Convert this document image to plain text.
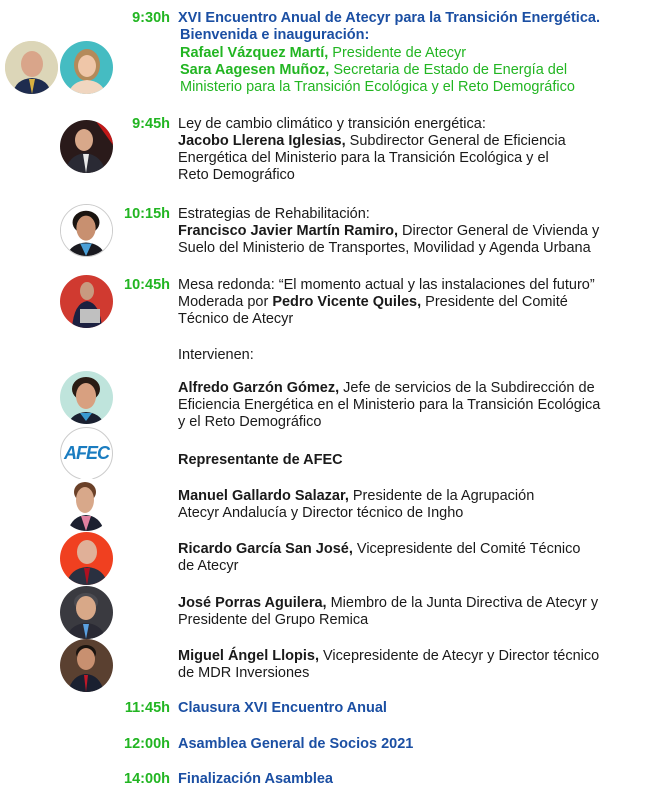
9:30h XVI Encuentro Anual de Atecyr para la Transición Energética.
Bienvenida e inauguración:
Rafael Vázquez Martí, Presidente de Atecyr
Sara Aagesen Muñoz, Secretaria de Estado de Energía del
Ministerio para la Transición Ecológica y el Reto Demográfico
9:45h Ley de cambio climático y transición energética:
Jacobo Llerena Iglesias, Subdirector General de Eficiencia
Energética del Ministerio para la Transición Ecológica y el
Reto Demográfico
10:15h Estrategias de Rehabilitación:
Francisco Javier Martín Ramiro, Director General de Vivienda y
Suelo del Ministerio de Transportes, Movilidad y Agenda Urbana
10:45h Mesa redonda: “El momento actual y las instalaciones del futuro”
Moderada por Pedro Vicente Quiles, Presidente del Comité
Técnico de Atecyr
Intervienen:
Alfredo Garzón Gómez, Jefe de servicios de la Subdirección de
Eficiencia Energética en el Ministerio para la Transición Ecológica
y el Reto Demográfico
Representante de AFEC
AFEC
Manuel Gallardo Salazar, Presidente de la Agrupación
Atecyr Andalucía y Director técnico de Ingho
Ricardo García San José, Vicepresidente del Comité Técnico
de Atecyr
José Porras Aguilera, Miembro de la Junta Directiva de Atecyr y
Presidente del Grupo Remica
Miguel Ángel Llopis, Vicepresidente de Atecyr y Director técnico
de MDR Inversiones
11:45h Clausura XVI Encuentro Anual
12:00h Asamblea General de Socios 2021
14:00h Finalización Asamblea
